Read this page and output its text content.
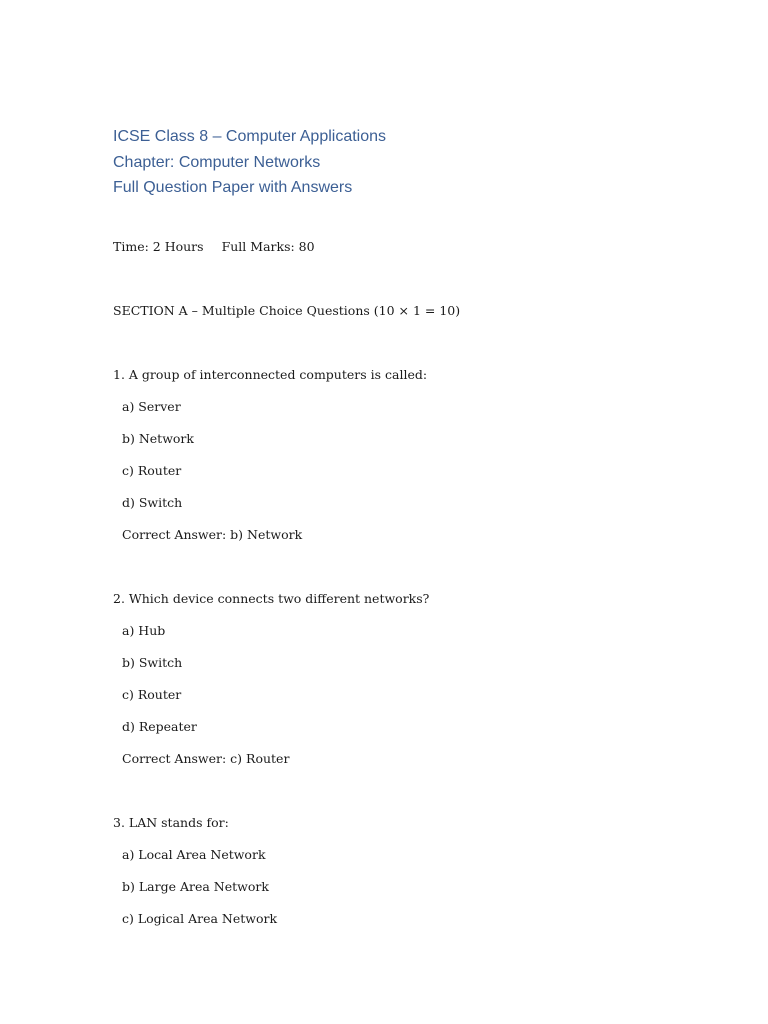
ICSE Class 8 – Computer Applications
Chapter: Computer Networks
Full Question Paper with Answers
Time: 2 Hours Full Marks: 80
SECTION A – Multiple Choice Questions (10 × 1 = 10)
1. A group of interconnected computers is called:
a) Server
b) Network
c) Router
d) Switch
Correct Answer: b) Network
2. Which device connects two different networks?
a) Hub
b) Switch
c) Router
d) Repeater
Correct Answer: c) Router
3. LAN stands for:
a) Local Area Network
b) Large Area Network
c) Logical Area Network
